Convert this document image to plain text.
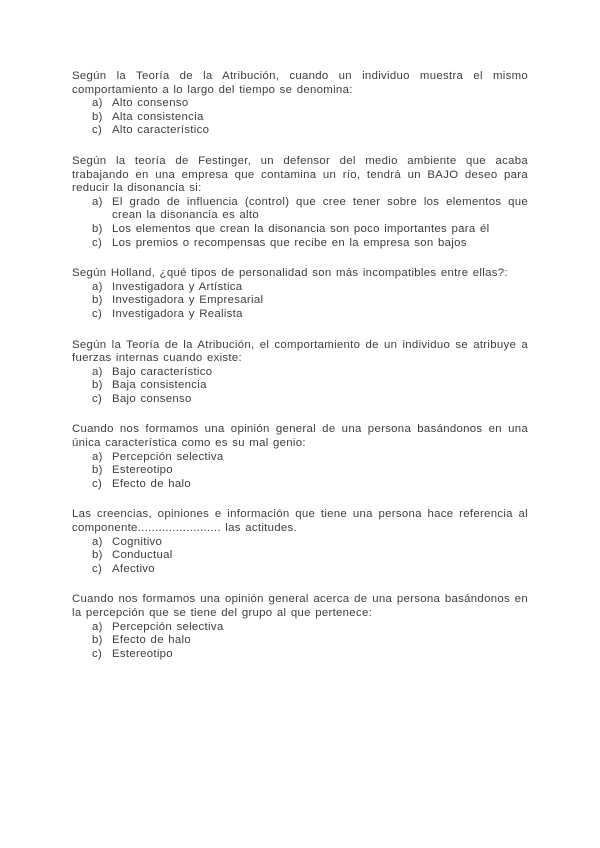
Según la Teoría de la Atribución, cuando un individuo muestra el mismo comportamiento a lo largo del tiempo se denomina:

a) Alto consenso
b) Alta consistencia
c) Alto característico

Según la teoría de Festinger, un defensor del medio ambiente que acaba trabajando en una empresa que contamina un río, tendrá un BAJO deseo para reducir la disonancia si:

a) El grado de influencia (control) que cree tener sobre los elementos que crean la disonancia es alto
b) Los elementos que crean la disonancia son poco importantes para él
c) Los premios o recompensas que recibe en la empresa son bajos

Según Holland, ¿qué tipos de personalidad son más incompatibles entre ellas?:

a) Investigadora y Artística
b) Investigadora y Empresarial
c) Investigadora y Realista

Según la Teoría de la Atribución, el comportamiento de un individuo se atribuye a fuerzas internas cuando existe:

a) Bajo característico
b) Baja consistencia
c) Bajo consenso

Cuando nos formamos una opinión general de una persona basándonos en una única característica como es su mal genio:

a) Percepción selectiva
b) Estereotipo
c) Efecto de halo

Las creencias, opiniones e información que tiene una persona hace referencia al componente........................ las actitudes.

a) Cognitivo
b) Conductual
c) Afectivo

Cuando nos formamos una opinión general acerca de una persona basándonos en la percepción que se tiene del grupo al que pertenece:

a) Percepción selectiva
b) Efecto de halo
c) Estereotipo
